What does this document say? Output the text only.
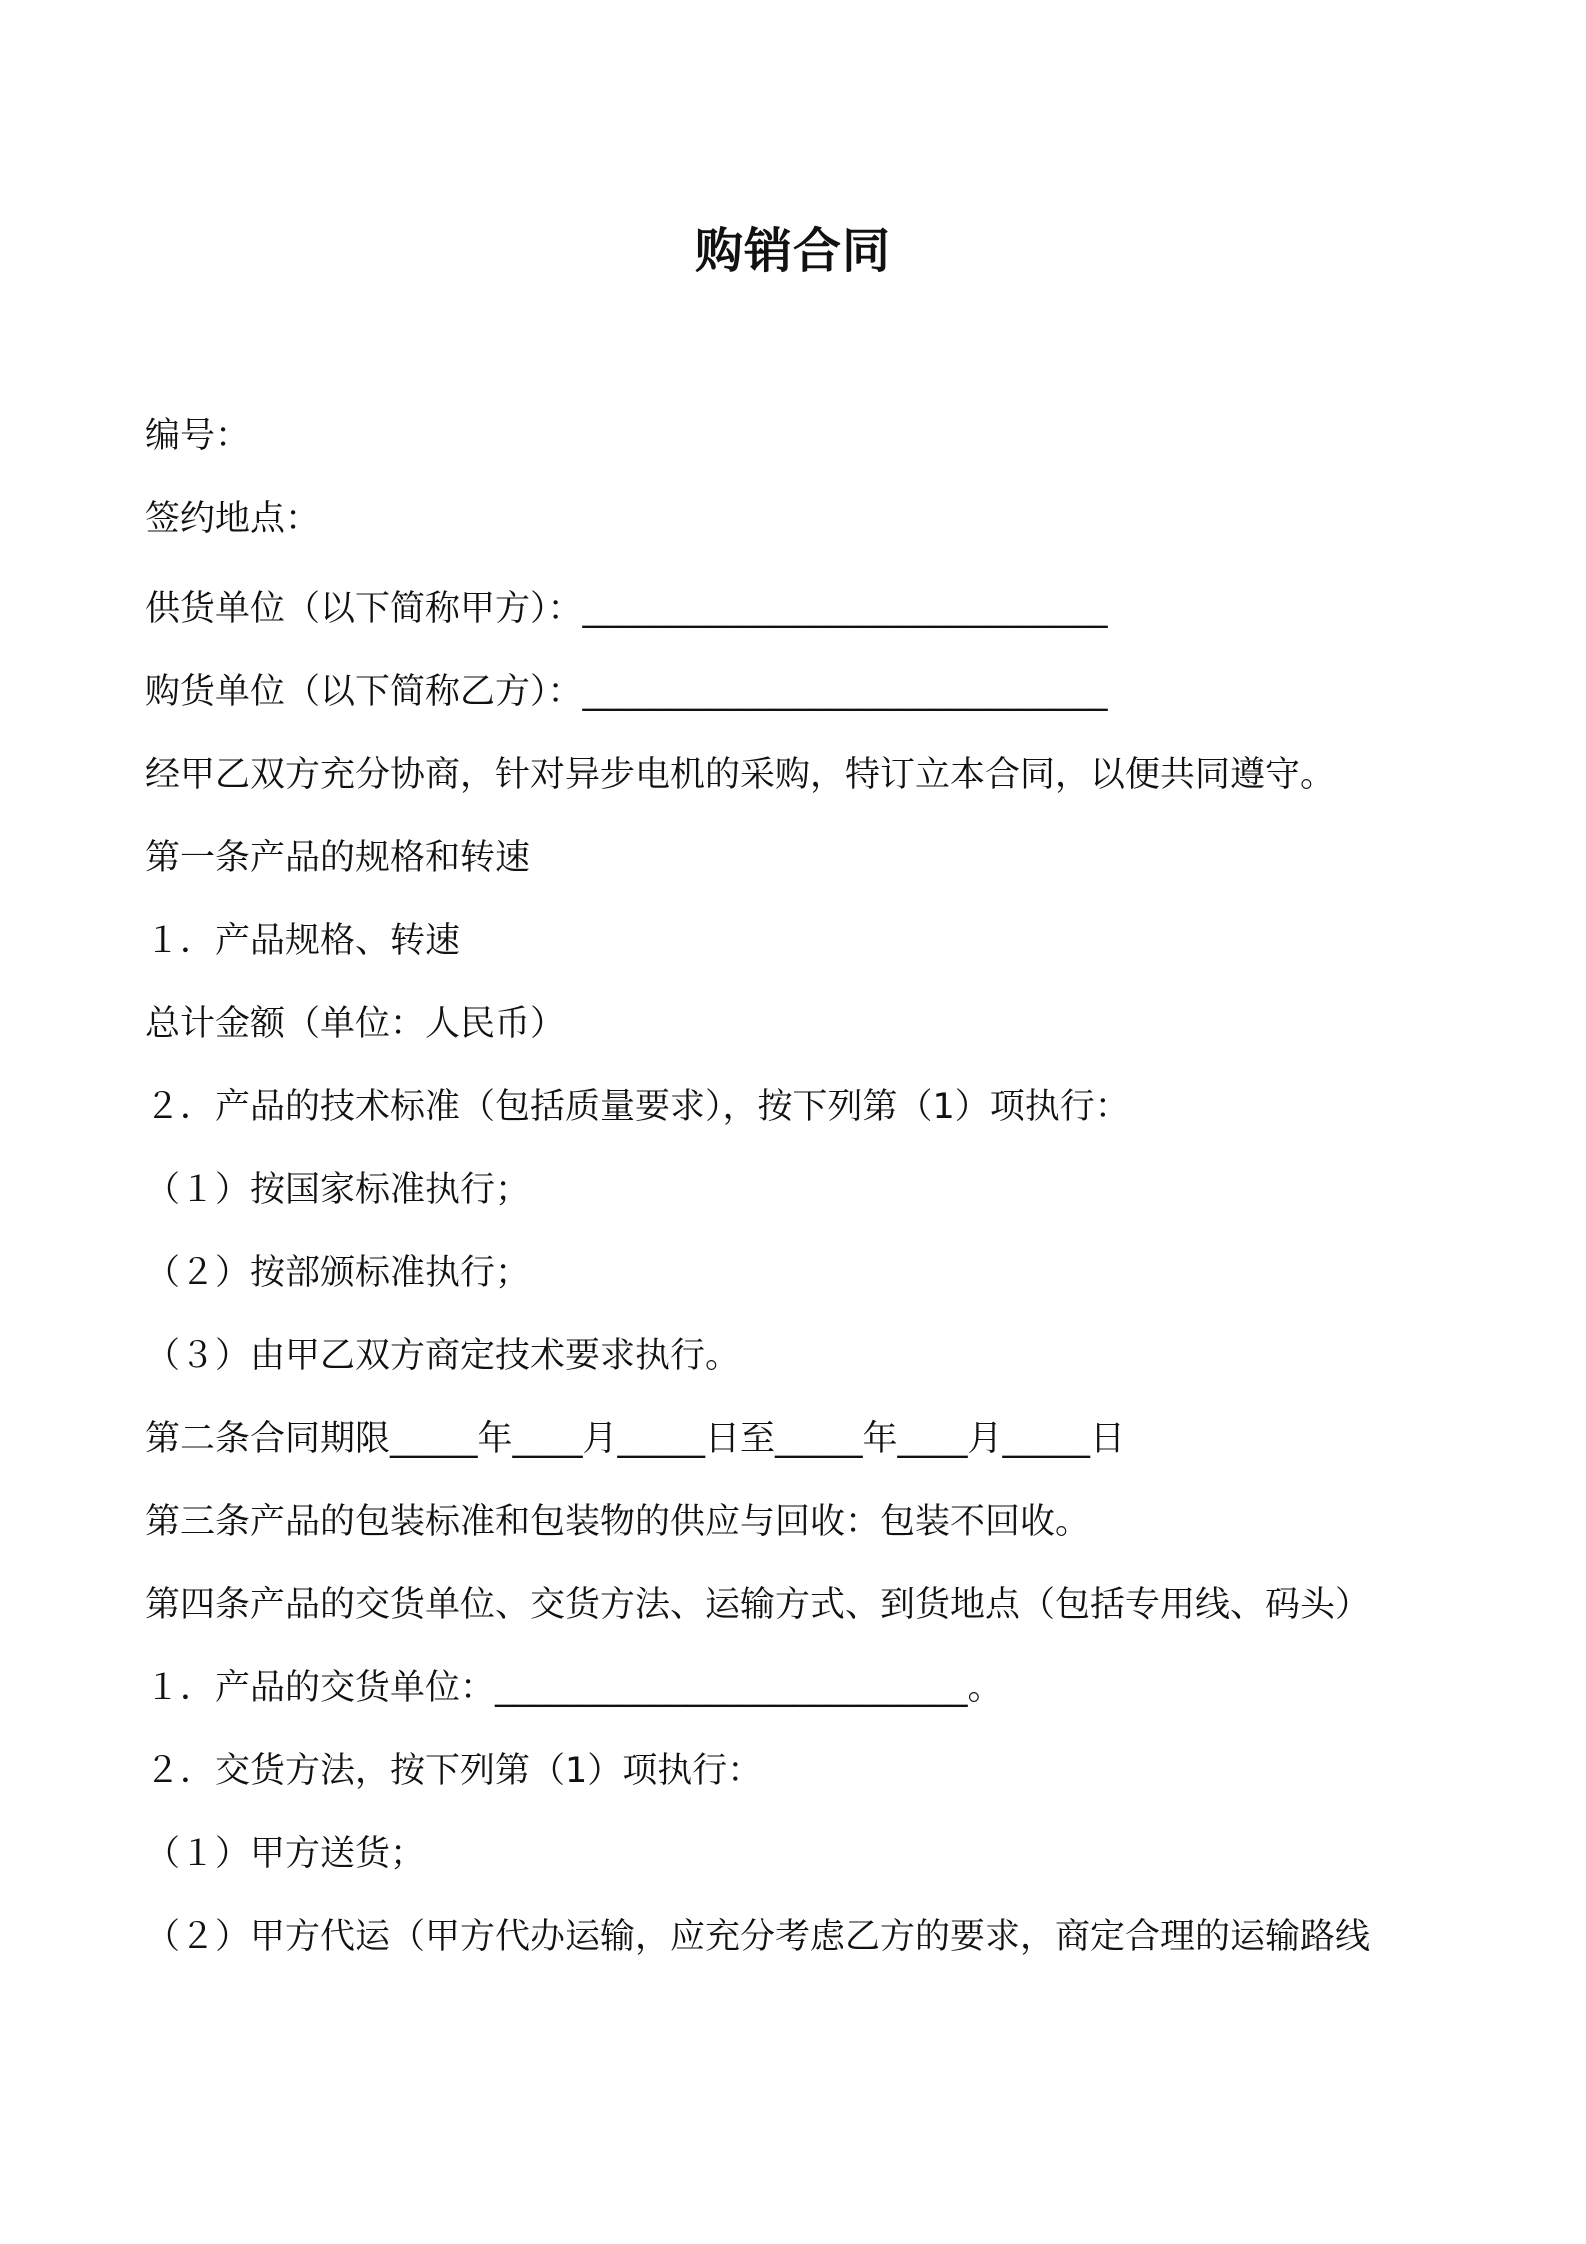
购销合同
编号：
签约地点：
供货单位（以下简称甲方）：______________________________
购货单位（以下简称乙方）：______________________________
经甲乙双方充分协商，针对异步电机的采购，特订立本合同，以便共同遵守。
第一条产品的规格和转速
１．产品规格、转速
总计金额（单位：人民币）
２．产品的技术标准（包括质量要求），按下列第（1）项执行：
（１）按国家标准执行；
（２）按部颁标准执行；
（３）由甲乙双方商定技术要求执行。
第二条合同期限_____年____月_____日至_____年____月_____日
第三条产品的包装标准和包装物的供应与回收：包装不回收。
第四条产品的交货单位、交货方法、运输方式、到货地点（包括专用线、码头）
１．产品的交货单位：___________________________。
２．交货方法，按下列第（1）项执行：
（１）甲方送货；
（２）甲方代运（甲方代办运输，应充分考虑乙方的要求，商定合理的运输路线
